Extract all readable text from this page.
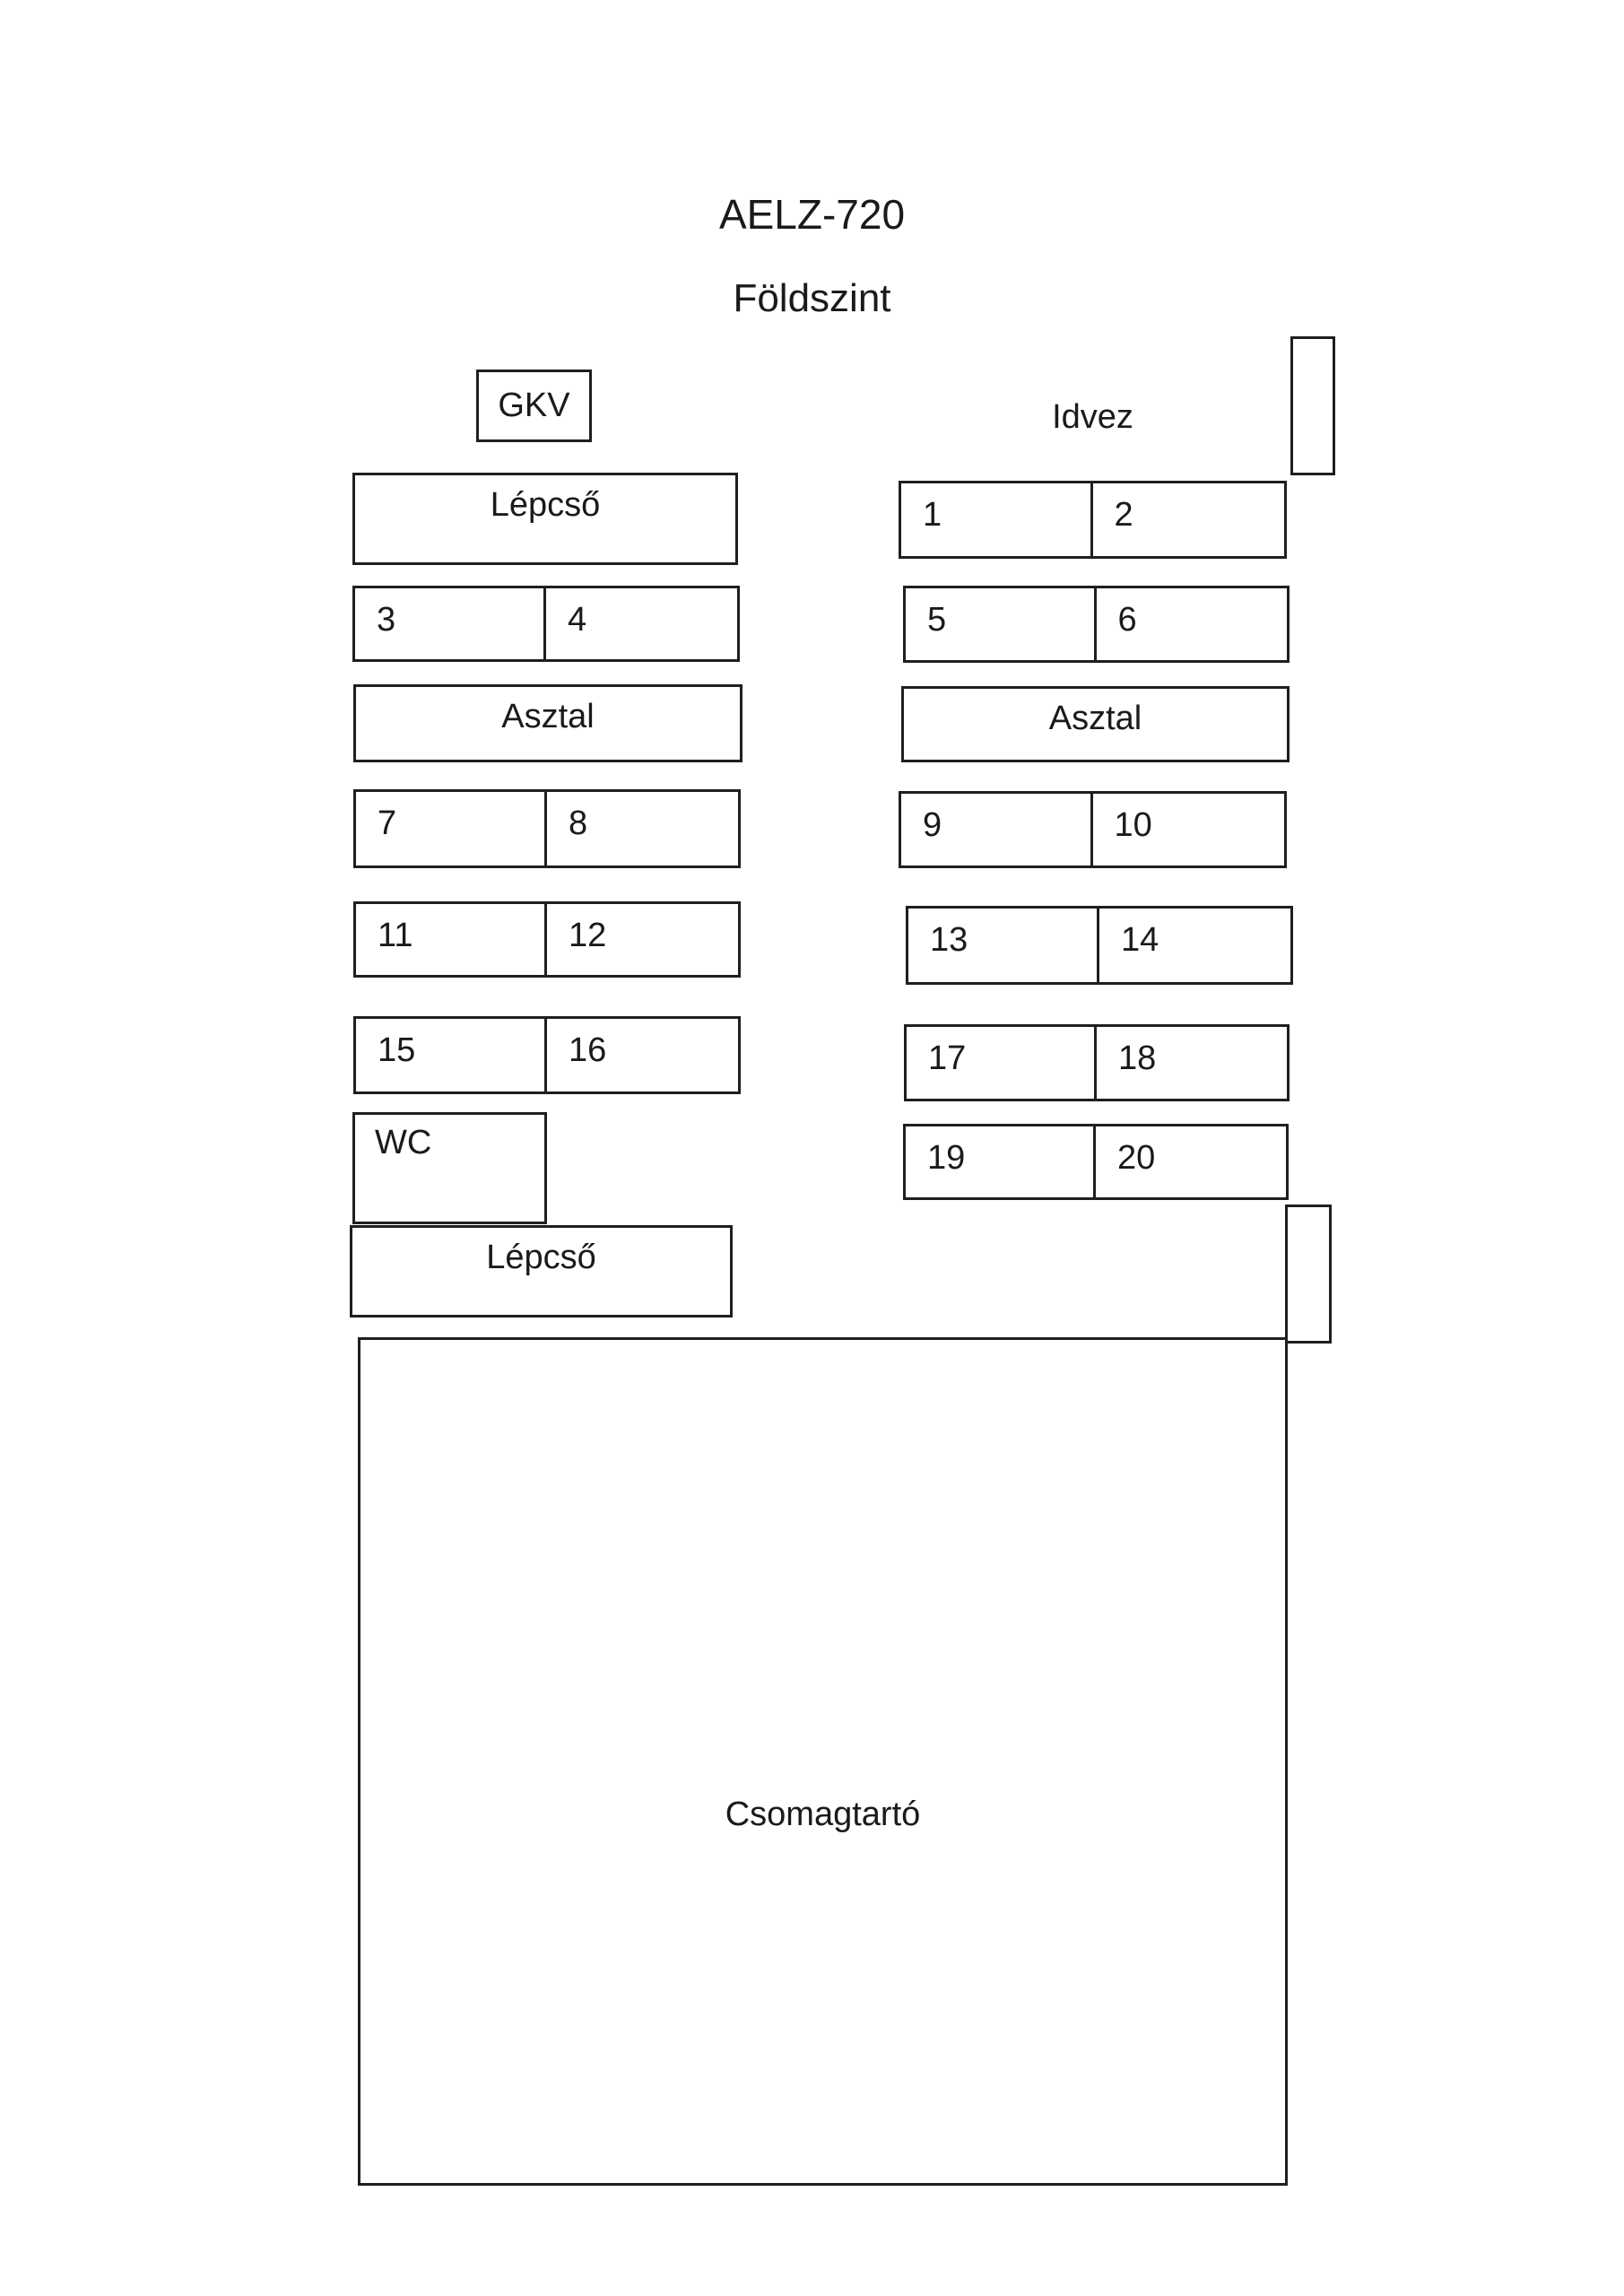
AELZ-720
Földszint
GKV	Idvez
Lépcső
3	4
Asztal
7	8
11	12
15	16
WC
Lépcső
1	2
5	6
Asztal
9	10
13	14
17	18
19	20
Csomagtartó
